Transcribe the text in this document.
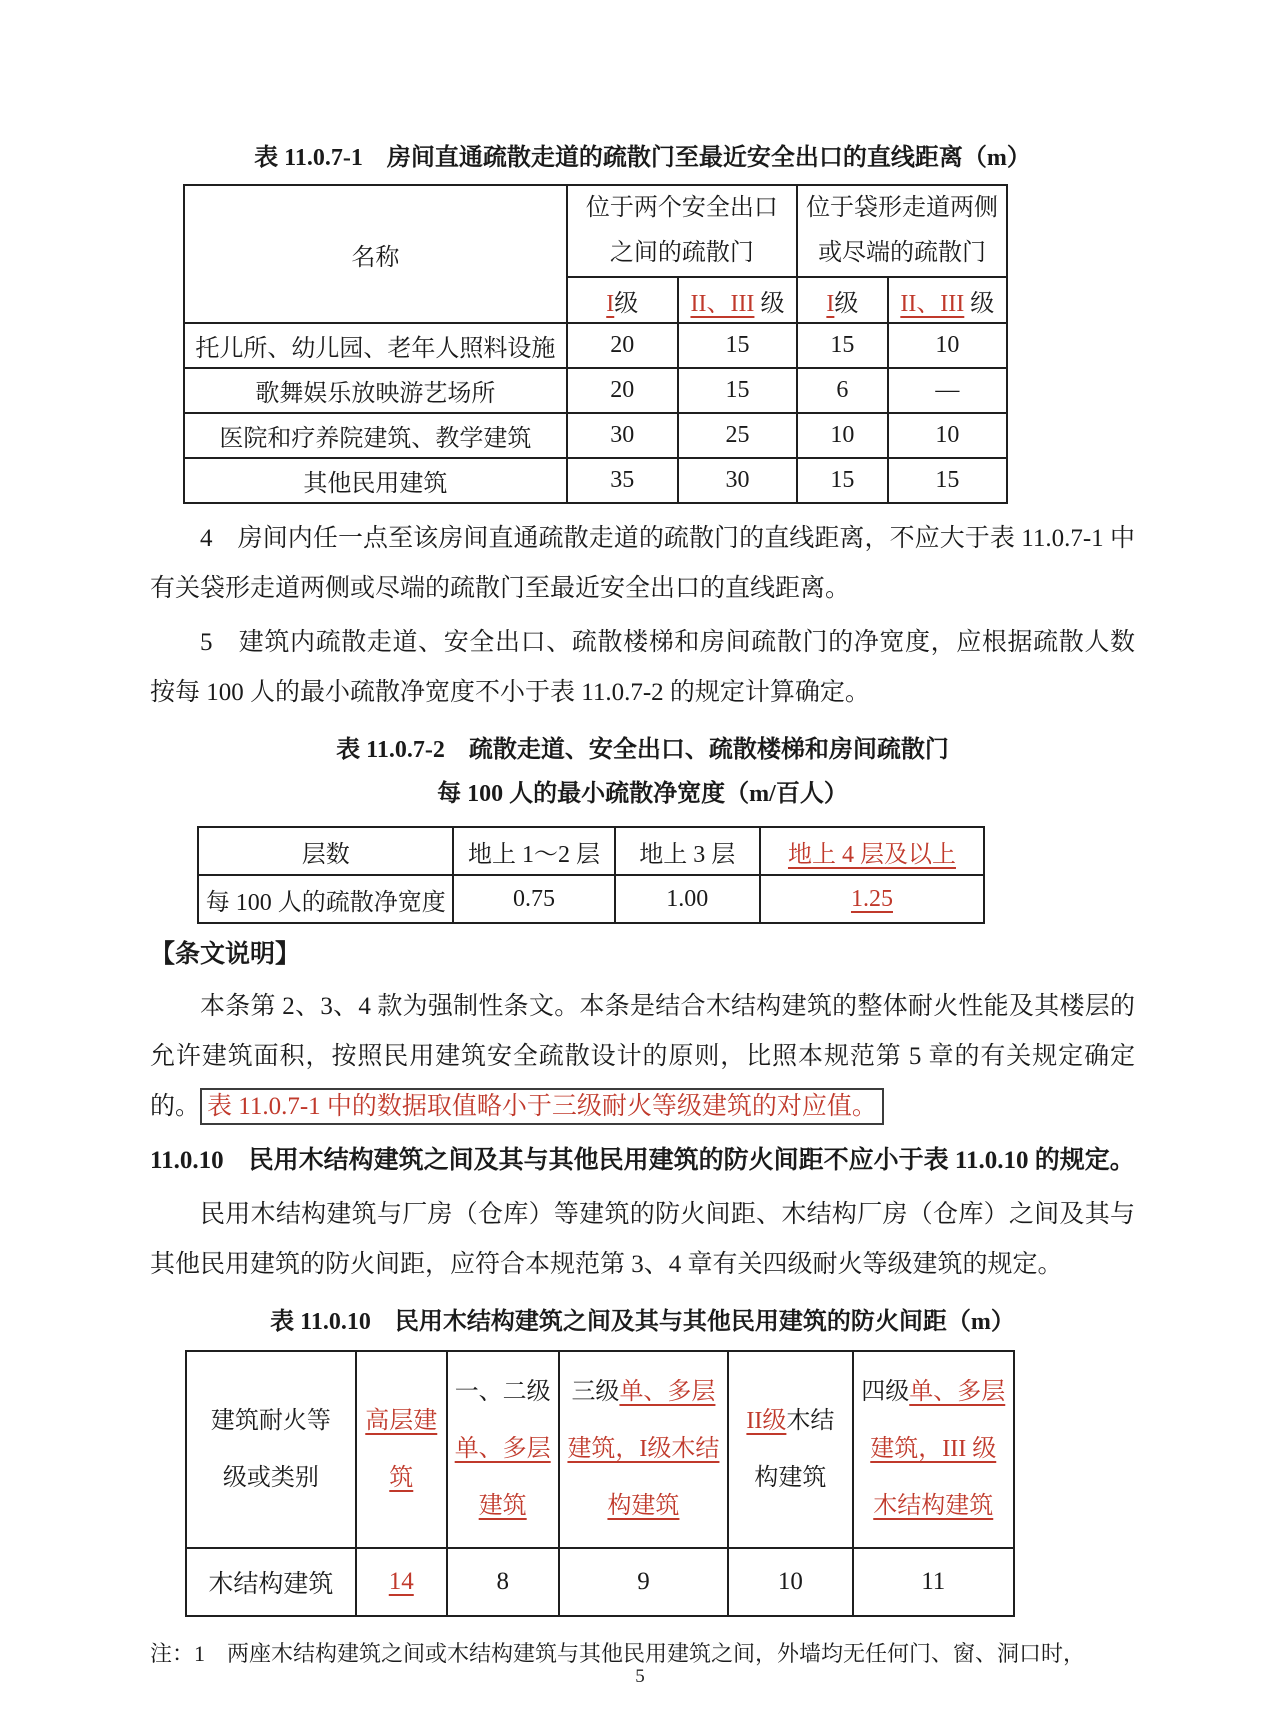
表 11.0.7-1　房间直通疏散走道的疏散门至最近安全出口的直线距离（m）

名称	
位于两个安全出口
之间的疏散门

位于袋形走道两侧
或尽端的疏散门

	I级	II、III 级	I级	II、III 级
托儿所、幼儿园、老年人照料设施	20	15	15	10
歌舞娱乐放映游艺场所	20	15	6	—
医院和疗养院建筑、教学建筑	30	25	10	10
其他民用建筑	35	30	15	15

4　房间内任一点至该房间直通疏散走道的疏散门的直线距离，不应大于表 11.0.7-1 中有关袋形走道两侧或尽端的疏散门至最近安全出口的直线距离。

5　建筑内疏散走道、安全出口、疏散楼梯和房间疏散门的净宽度，应根据疏散人数按每 100 人的最小疏散净宽度不小于表 11.0.7-2 的规定计算确定。

表 11.0.7-2　疏散走道、安全出口、疏散楼梯和房间疏散门
每 100 人的最小疏散净宽度（m/百人）

层数	地上 1～2 层	地上 3 层	地上 4 层及以上
每 100 人的疏散净宽度	0.75	1.00	1.25

【条文说明】

本条第 2、3、4 款为强制性条文。本条是结合木结构建筑的整体耐火性能及其楼层的允许建筑面积，按照民用建筑安全疏散设计的原则，比照本规范第 5 章的有关规定确定的。 表 11.0.7-1 中的数据取值略小于三级耐火等级建筑的对应值。

11.0.10　民用木结构建筑之间及其与其他民用建筑的防火间距不应小于表 11.0.10 的规定。

民用木结构建筑与厂房（仓库）等建筑的防火间距、木结构厂房（仓库）之间及其与其他民用建筑的防火间距，应符合本规范第 3、4 章有关四级耐火等级建筑的规定。

表 11.0.10　民用木结构建筑之间及其与其他民用建筑的防火间距（m）

建筑耐火等
级或类别	高层建筑	一、二级单、多层建筑	三级单、多层建筑，I级木结构建筑	II级木结构建筑	四级单、多层建筑，III 级木结构建筑
木结构建筑	14	8	9	10	11

注：1　两座木结构建筑之间或木结构建筑与其他民用建筑之间，外墙均无任何门、窗、洞口时，

5
